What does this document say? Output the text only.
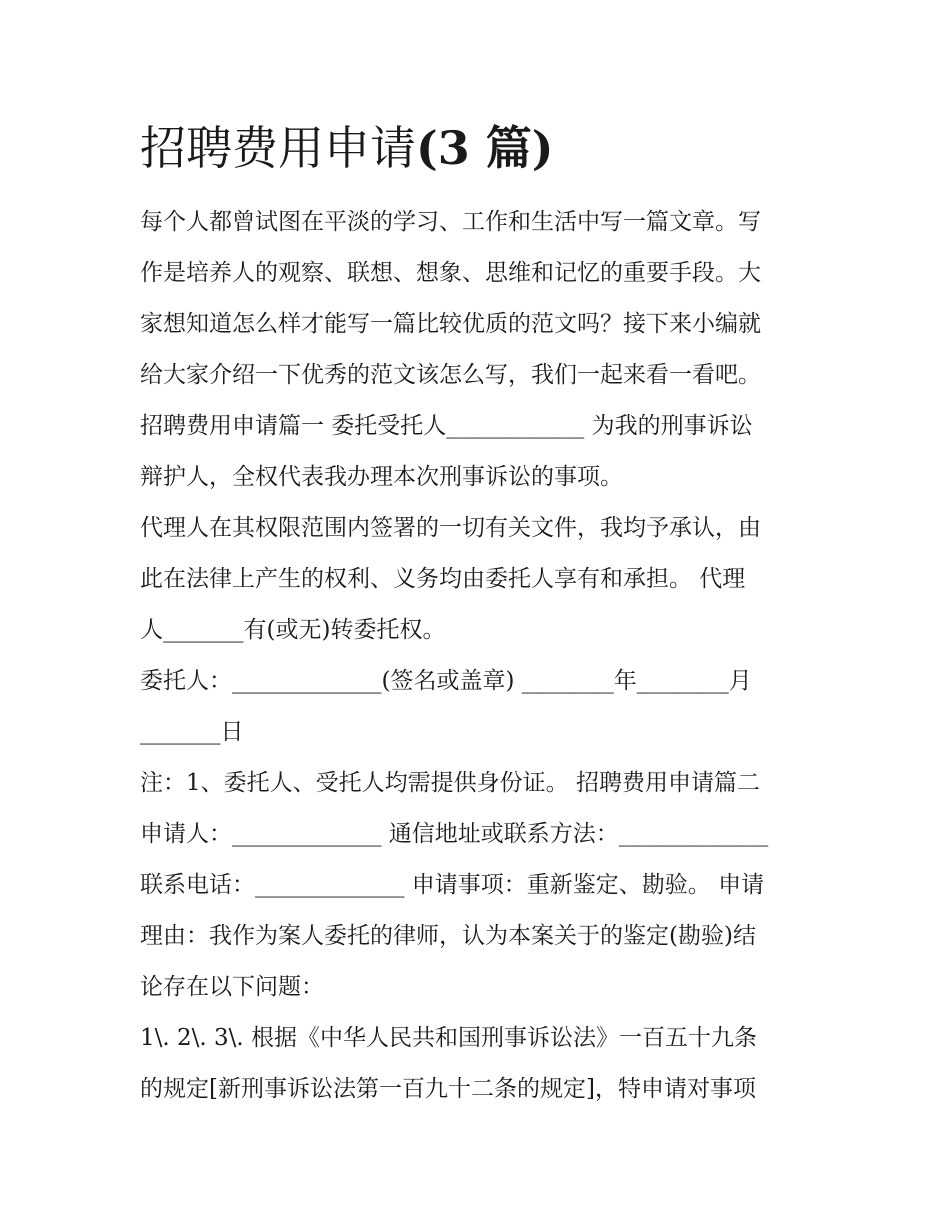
招聘费用申请(3 篇)
每个人都曾试图在平淡的学习、工作和生活中写一篇文章。写
作是培养人的观察、联想、想象、思维和记忆的重要手段。大
家想知道怎么样才能写一篇比较优质的范文吗？接下来小编就
给大家介绍一下优秀的范文该怎么写，我们一起来看一看吧。
招聘费用申请篇一 委托受托人____________ 为我的刑事诉讼
辩护人，全权代表我办理本次刑事诉讼的事项。
代理人在其权限范围内签署的一切有关文件，我均予承认，由
此在法律上产生的权利、义务均由委托人享有和承担。 代理
人_______有(或无)转委托权。
委托人：_____________(签名或盖章) ________年________月
_______日
注：1、委托人、受托人均需提供身份证。 招聘费用申请篇二
申请人：_____________ 通信地址或联系方法：_____________
联系电话：_____________ 申请事项：重新鉴定、勘验。 申请
理由：我作为案人委托的律师，认为本案关于的鉴定(勘验)结
论存在以下问题：
1\. 2\. 3\. 根据《中华人民共和国刑事诉讼法》一百五十九条
的规定[新刑事诉讼法第一百九十二条的规定]，特申请对事项
